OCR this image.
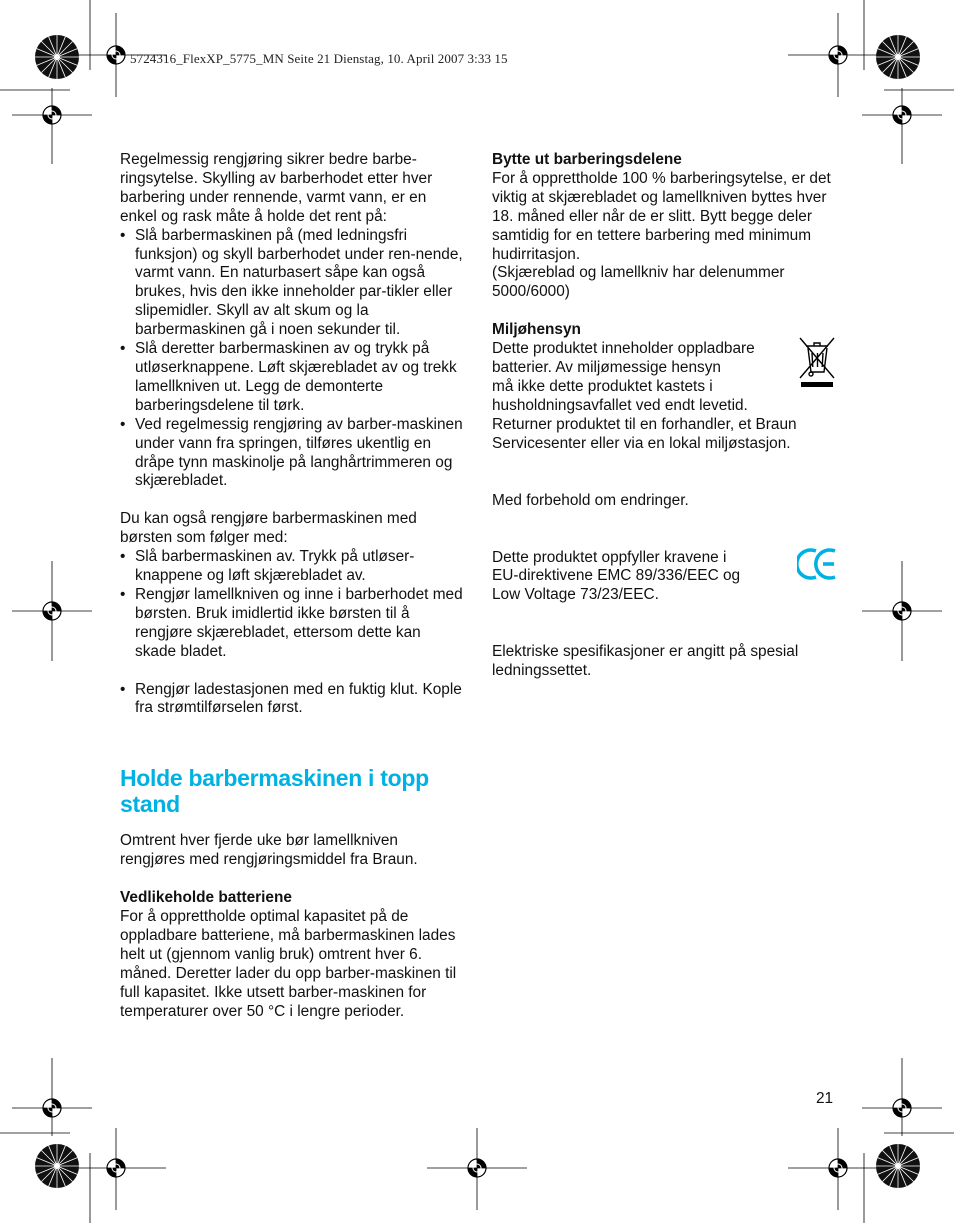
5724316_FlexXP_5775_MN Seite 21 Dienstag, 10. April 2007 3:33 15

Regelmessig rengjøring sikrer bedre barbe-ringsytelse. Skylling av barberhodet etter hver barbering under rennende, varmt vann, er en enkel og rask måte å holde det rent på:

• Slå barbermaskinen på (med ledningsfri funksjon) og skyll barberhodet under ren-nende, varmt vann. En naturbasert såpe kan også brukes, hvis den ikke inneholder par-tikler eller slipemidler. Skyll av alt skum og la barbermaskinen gå i noen sekunder til.
• Slå deretter barbermaskinen av og trykk på utløserknappene. Løft skjærebladet av og trekk lamellkniven ut. Legg de demonterte barberingsdelene til tørk.
• Ved regelmessig rengjøring av barber-maskinen under vann fra springen, tilføres ukentlig en dråpe tynn maskinolje på langhårtrimmeren og skjærebladet.

Du kan også rengjøre barbermaskinen med børsten som følger med:

• Slå barbermaskinen av. Trykk på utløser-knappene og løft skjærebladet av.
• Rengjør lamellkniven og inne i barberhodet med børsten. Bruk imidlertid ikke børsten til å rengjøre skjærebladet, ettersom dette kan skade bladet.
• Rengjør ladestasjonen med en fuktig klut. Kople fra strømtilførselen først.
Holde barbermaskinen i topp stand

Omtrent hver fjerde uke bør lamellkniven rengjøres med rengjøringsmiddel fra Braun.

Vedlikeholde batteriene

For å opprettholde optimal kapasitet på de oppladbare batteriene, må barbermaskinen lades helt ut (gjennom vanlig bruk) omtrent hver 6. måned. Deretter lader du opp barber-maskinen til full kapasitet. Ikke utsett barber-maskinen for temperaturer over 50 °C i lengre perioder.

Bytte ut barberingsdelene

For å opprettholde 100 % barberingsytelse, er det viktig at skjærebladet og lamellkniven byttes hver 18. måned eller når de er slitt. Bytt begge deler samtidig for en tettere barbering med minimum hudirritasjon.

(Skjæreblad og lamellkniv har delenummer 5000/6000)

Miljøhensyn
Dette produktet inneholder oppladbare
batterier. Av miljømessige hensyn
må ikke dette produktet kastets i
husholdningsavfallet ved endt levetid.
Returner produktet til en forhandler, et Braun
Servicesenter eller via en lokal miljøstasjon.

Med forbehold om endringer.

Dette produktet oppfyller kravene i
EU-direktivene EMC 89/336/EEC og
Low Voltage 73/23/EEC.

Elektriske spesifikasjoner er angitt på spesial ledningssettet.

21
